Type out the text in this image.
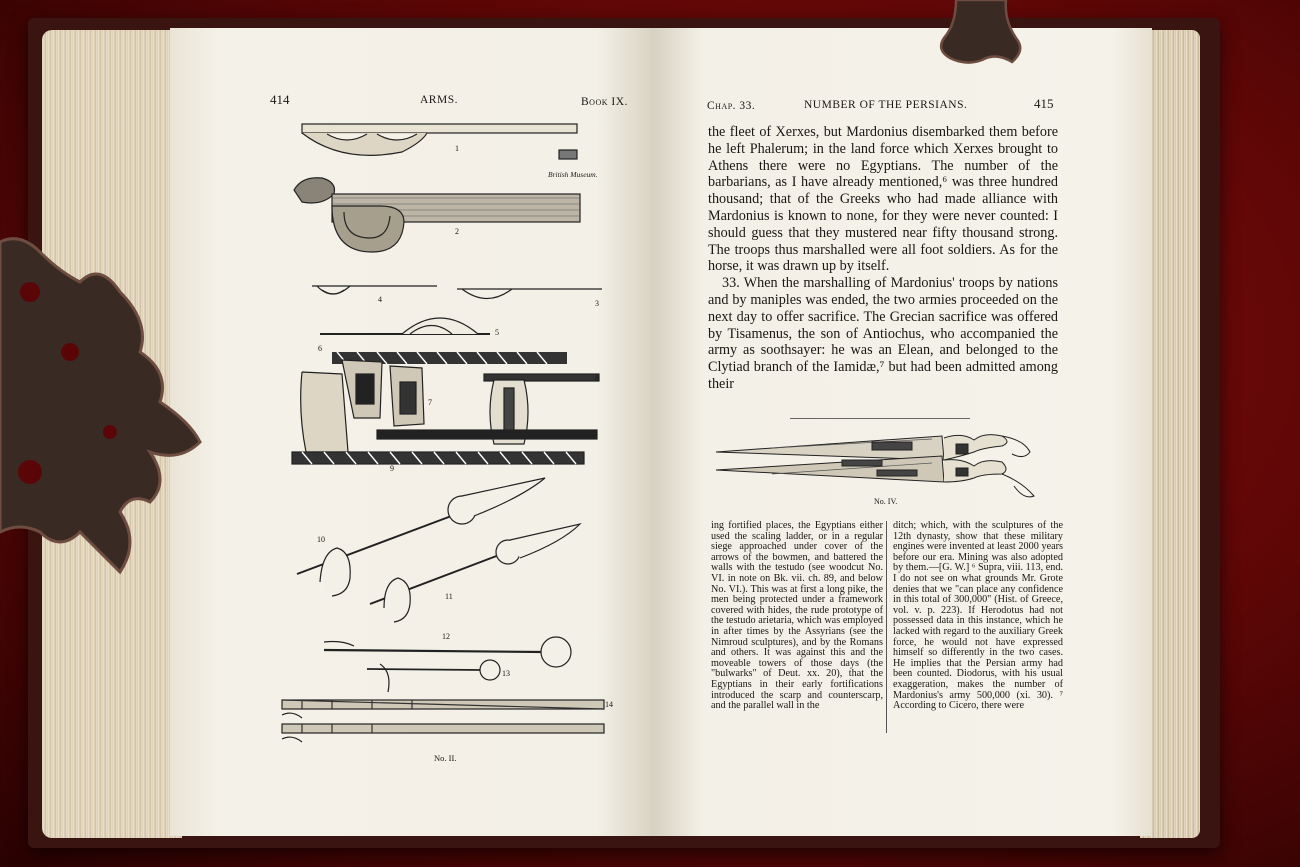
414	ARMS.	Book IX.
1
British Museum.
2
3
4
5
6
7
8
9
10
11
12
13
14
No. II.
Chap. 33.	NUMBER OF THE PERSIANS.	415

the fleet of Xerxes, but Mardonius disembarked them before he left Phalerum; in the land force which Xerxes brought to Athens there were no Egyptians. The number of the barbarians, as I have already mentioned,⁶ was three hundred thousand; that of the Greeks who had made alliance with Mardonius is known to none, for they were never counted: I should guess that they mustered near fifty thousand strong. The troops thus marshalled were all foot soldiers. As for the horse, it was drawn up by itself.

33. When the marshalling of Mardonius' troops by nations and by maniples was ended, the two armies proceeded on the next day to offer sacrifice. The Grecian sacrifice was offered by Tisamenus, the son of Antiochus, who accompanied the army as soothsayer: he was an Elean, and belonged to the Clytiad branch of the Iamidæ,⁷ but had been admitted among their

No. IV.
ing fortified places, the Egyptians either used the scaling ladder, or in a regular siege approached under cover of the arrows of the bowmen, and battered the walls with the testudo (see woodcut No. VI. in note on Bk. vii. ch. 89, and below No. VI.). This was at first a long pike, the men being protected under a framework covered with hides, the rude prototype of the testudo arietaria, which was employed in after times by the Assyrians (see the Nimroud sculptures), and by the Romans and others. It was against this and the moveable towers of those days (the "bulwarks" of Deut. xx. 20), that the Egyptians in their early fortifications introduced the scarp and counterscarp, and the parallel wall in the
ditch; which, with the sculptures of the 12th dynasty, show that these military engines were invented at least 2000 years before our era. Mining was also adopted by them.—[G. W.] ⁶ Supra, viii. 113, end. I do not see on what grounds Mr. Grote denies that we "can place any confidence in this total of 300,000" (Hist. of Greece, vol. v. p. 223). If Herodotus had not possessed data in this instance, which he lacked with regard to the auxiliary Greek force, he would not have expressed himself so differently in the two cases. He implies that the Persian army had been counted. Diodorus, with his usual exaggeration, makes the number of Mardonius's army 500,000 (xi. 30). ⁷ According to Cicero, there were
